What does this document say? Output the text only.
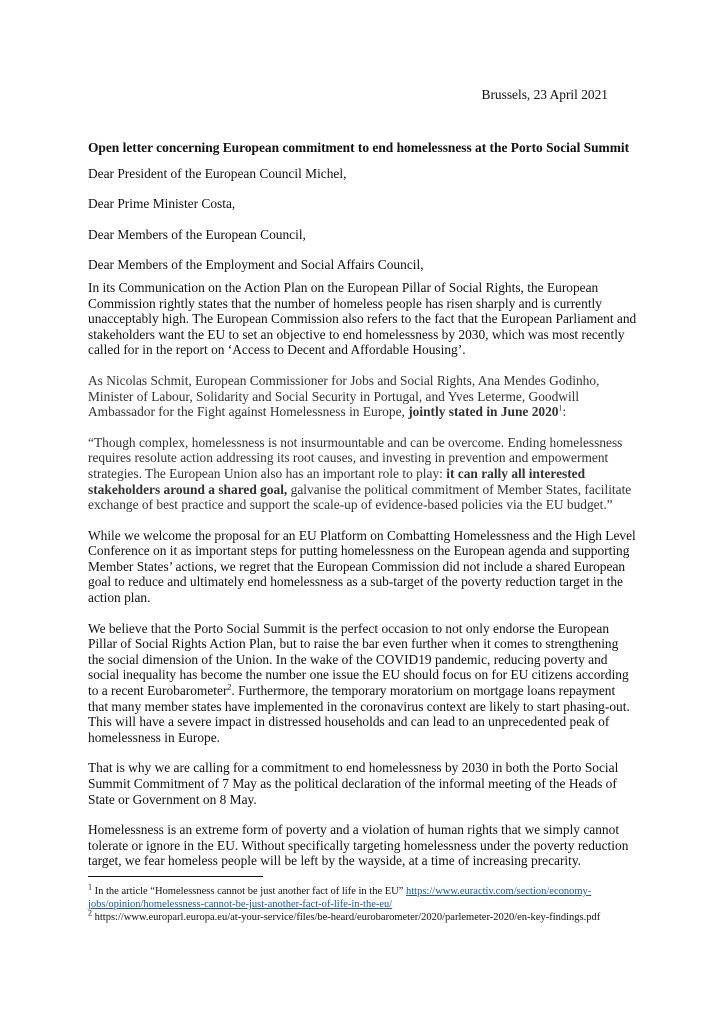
Brussels, 23 April 2021

Open letter concerning European commitment to end homelessness at the Porto Social Summit

Dear President of the European Council Michel,

Dear Prime Minister Costa,

Dear Members of the European Council,

Dear Members of the Employment and Social Affairs Council,

In its Communication on the Action Plan on the European Pillar of Social Rights, the European Commission rightly states that the number of homeless people has risen sharply and is currently unacceptably high. The European Commission also refers to the fact that the European Parliament and stakeholders want the EU to set an objective to end homelessness by 2030, which was most recently called for in the report on ‘Access to Decent and Affordable Housing’.

As Nicolas Schmit, European Commissioner for Jobs and Social Rights, Ana Mendes Godinho, Minister of Labour, Solidarity and Social Security in Portugal, and Yves Leterme, Goodwill Ambassador for the Fight against Homelessness in Europe, jointly stated in June 2020$^1$:

“Though complex, homelessness is not insurmountable and can be overcome. Ending homelessness requires resolute action addressing its root causes, and investing in prevention and empowerment strategies. The European Union also has an important role to play: it can rally all interested stakeholders around a shared goal, galvanise the political commitment of Member States, facilitate exchange of best practice and support the scale-up of evidence-based policies via the EU budget.”

While we welcome the proposal for an EU Platform on Combatting Homelessness and the High Level Conference on it as important steps for putting homelessness on the European agenda and supporting Member States’ actions, we regret that the European Commission did not include a shared European goal to reduce and ultimately end homelessness as a sub-target of the poverty reduction target in the action plan.

We believe that the Porto Social Summit is the perfect occasion to not only endorse the European Pillar of Social Rights Action Plan, but to raise the bar even further when it comes to strengthening the social dimension of the Union. In the wake of the COVID19 pandemic, reducing poverty and social inequality has become the number one issue the EU should focus on for EU citizens according to a recent Eurobarometer$^2$. Furthermore, the temporary moratorium on mortgage loans repayment that many member states have implemented in the coronavirus context are likely to start phasing-out. This will have a severe impact in distressed households and can lead to an unprecedented peak of homelessness in Europe.

That is why we are calling for a commitment to end homelessness by 2030 in both the Porto Social Summit Commitment of 7 May as the political declaration of the informal meeting of the Heads of State or Government on 8 May.

Homelessness is an extreme form of poverty and a violation of human rights that we simply cannot tolerate or ignore in the EU. Without specifically targeting homelessness under the poverty reduction target, we fear homeless people will be left by the wayside, at a time of increasing precarity.

$^1$ In the article “Homelessness cannot be just another fact of life in the EU” https://www.euractiv.com/section/economy-jobs/opinion/homelessness-cannot-be-just-another-fact-of-life-in-the-eu/

$^2$ https://www.europarl.europa.eu/at-your-service/files/be-heard/eurobarometer/2020/parlemeter-2020/en-key-findings.pdf
